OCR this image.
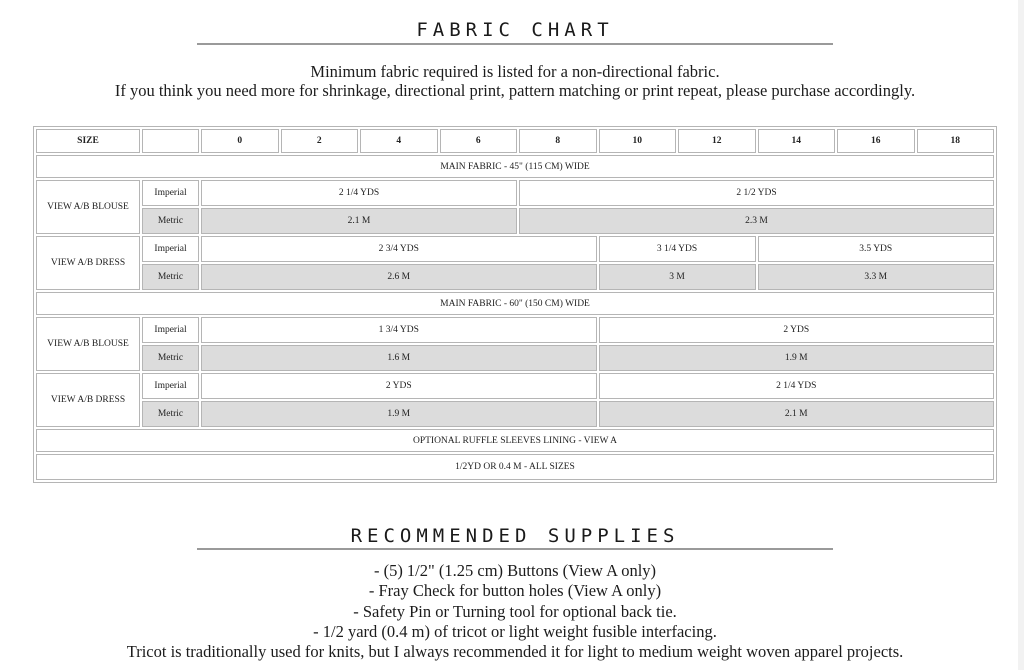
FABRIC CHART
Minimum fabric required is listed for a non-directional fabric.
If you think you need more for shrinkage, directional print, pattern matching or print repeat, please purchase accordingly.
SIZE		0	2	4	6	8	10	12	14	16	18
MAIN FABRIC - 45" (115 CM) WIDE											
VIEW A/B BLOUSE	Imperial	2 1/4 YDS				2 1/2 YDS					
	Metric	2.1 M				2.3 M					
VIEW A/B DRESS	Imperial	2 3/4 YDS					3 1/4 YDS		3.5 YDS		
	Metric	2.6 M					3 M		3.3 M		
MAIN FABRIC - 60" (150 CM) WIDE											
VIEW A/B BLOUSE	Imperial	1 3/4 YDS					2 YDS				
	Metric	1.6 M					1.9 M				
VIEW A/B DRESS	Imperial	2 YDS					2 1/4 YDS				
	Metric	1.9 M					2.1 M				
OPTIONAL RUFFLE SLEEVES LINING - VIEW A											
1/2YD OR 0.4 M - ALL SIZES											
RECOMMENDED SUPPLIES
- (5) 1/2" (1.25 cm) Buttons (View A only)
- Fray Check for button holes (View A only)
- Safety Pin or Turning tool for optional back tie.
- 1/2 yard (0.4 m) of tricot or light weight fusible interfacing.
Tricot is traditionally used for knits, but I always recommended it for light to medium weight woven apparel projects.
